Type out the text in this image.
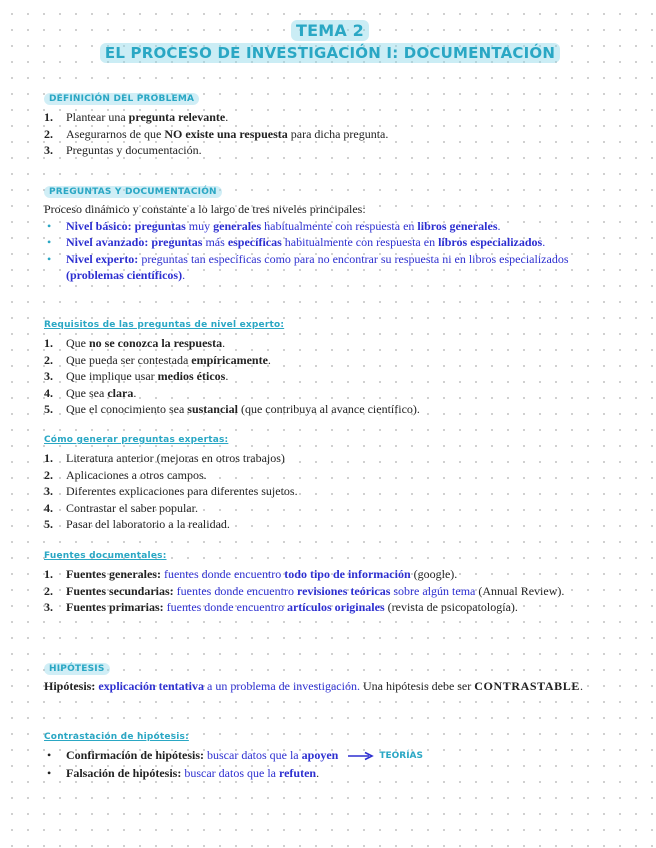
TEMA 2
EL PROCESO DE INVESTIGACIÓN I: DOCUMENTACIÓN
DEFINICIÓN DEL PROBLEMA
1. Plantear una pregunta relevante.
2. Asegurarnos de que NO existe una respuesta para dicha pregunta.
3. Preguntas y documentación.
PREGUNTAS Y DOCUMENTACIÓN
Proceso dinámico y constante a lo largo de tres niveles principales:
• Nivel básico: preguntas muy generales habitualmente con respuesta en libros generales.
• Nivel avanzado: preguntas más específicas habitualmente con respuesta en libros especializados.
• Nivel experto: preguntas tan específicas como para no encontrar su respuesta ni en libros especializados (problemas científicos).
Requisitos de las preguntas de nivel experto:
1. Que no se conozca la respuesta.
2. Que pueda ser contestada empíricamente.
3. Que implique usar medios éticos.
4. Que sea clara.
5. Que el conocimiento sea sustancial (que contribuya al avance científico).
Cómo generar preguntas expertas:
1. Literatura anterior (mejoras en otros trabajos)
2. Aplicaciones a otros campos.
3. Diferentes explicaciones para diferentes sujetos.
4. Contrastar el saber popular.
5. Pasar del laboratorio a la realidad.
Fuentes documentales:
1. Fuentes generales: fuentes donde encuentro todo tipo de información (google).
2. Fuentes secundarias: fuentes donde encuentro revisiones teóricas sobre algún tema (Annual Review).
3. Fuentes primarias: fuentes donde encuentro artículos originales (revista de psicopatología).
HIPÓTESIS
Hipótesis: explicación tentativa a un problema de investigación. Una hipótesis debe ser CONTRASTABLE.
Contrastación de hipótesis:
• Confirmación de hipótesis: buscar datos que la apoyen	TEORÍAS
• Falsación de hipótesis: buscar datos que la refuten.
